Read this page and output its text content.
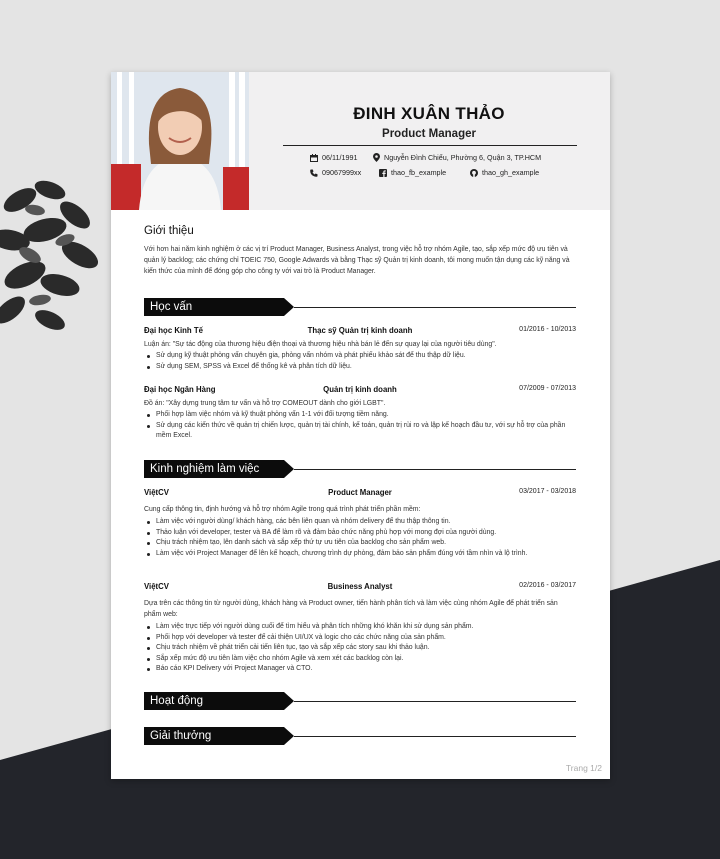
ĐINH XUÂN THẢO
Product Manager
06/11/1991	Nguyễn Đình Chiểu, Phường 6, Quận 3, TP.HCM
09067999xx	thao_fb_example	thao_gh_example
Giới thiệu
Với hơn hai năm kinh nghiệm ở các vị trí Product Manager, Business Analyst, trong việc hỗ trợ nhóm Agile, tạo, sắp xếp mức độ ưu tiên và quản lý backlog; các chứng chỉ TOEIC 750, Google Adwards và bằng Thạc sỹ Quản trị kinh doanh, tôi mong muốn tận dụng các kỹ năng và kiến thức của mình để đóng góp cho công ty với vai trò là Product Manager.
Học vấn
Đại học Kinh Tế	Thạc sỹ Quản trị kinh doanh	01/2016 - 10/2013
Luận án: "Sự tác động của thương hiệu điện thoại và thương hiệu nhà bán lẻ đến sự quay lại của người tiêu dùng".
Sử dụng kỹ thuật phỏng vấn chuyên gia, phỏng vấn nhóm và phát phiếu khảo sát để thu thập dữ liệu.
Sử dụng SEM, SPSS và Excel để thống kê và phân tích dữ liệu.
Đại học Ngân Hàng	Quản trị kinh doanh	07/2009 - 07/2013
Đồ án: "Xây dựng trung tâm tư vấn và hỗ trợ COMEOUT dành cho giới LGBT".
Phối hợp làm việc nhóm và kỹ thuật phỏng vấn 1-1 với đối tượng tiềm năng.
Sử dụng các kiến thức về quản trị chiến lược, quản trị tài chính, kế toán, quản trị rủi ro và lập kế hoạch đầu tư, với sự hỗ trợ của phần mềm Excel.
Kinh nghiệm làm việc
ViệtCV	Product Manager	03/2017 - 03/2018
Cung cấp thông tin, định hướng và hỗ trợ nhóm Agile trong quá trình phát triển phần mềm:
Làm việc với người dùng/ khách hàng, các bên liên quan và nhóm delivery để thu thập thông tin.
Thảo luận với developer, tester và BA để làm rõ và đảm bảo chức năng phù hợp với mong đợi của người dùng.
Chịu trách nhiệm tạo, lên danh sách và sắp xếp thứ tự ưu tiên của backlog cho sản phẩm web.
Làm việc với Project Manager để lên kế hoạch, chương trình dự phòng, đảm bảo sản phẩm đúng với tầm nhìn và lộ trình.
ViệtCV	Business Analyst	02/2016 - 03/2017
Dựa trên các thông tin từ người dùng, khách hàng và Product owner, tiến hành phân tích và làm việc cùng nhóm Agile để phát triển sản phẩm web:
Làm việc trực tiếp với người dùng cuối để tìm hiểu và phân tích những khó khăn khi sử dụng sản phẩm.
Phối hợp với developer và tester để cải thiện UI/UX và logic cho các chức năng của sản phẩm.
Chịu trách nhiệm về phát triển cải tiến liên tục, tạo và sắp xếp các story sau khi thảo luận.
Sắp xếp mức độ ưu tiên làm việc cho nhóm Agile và xem xét các backlog còn lại.
Báo cáo KPI Delivery với Project Manager và CTO.
Hoạt động
Giải thưởng
Trang 1/2
